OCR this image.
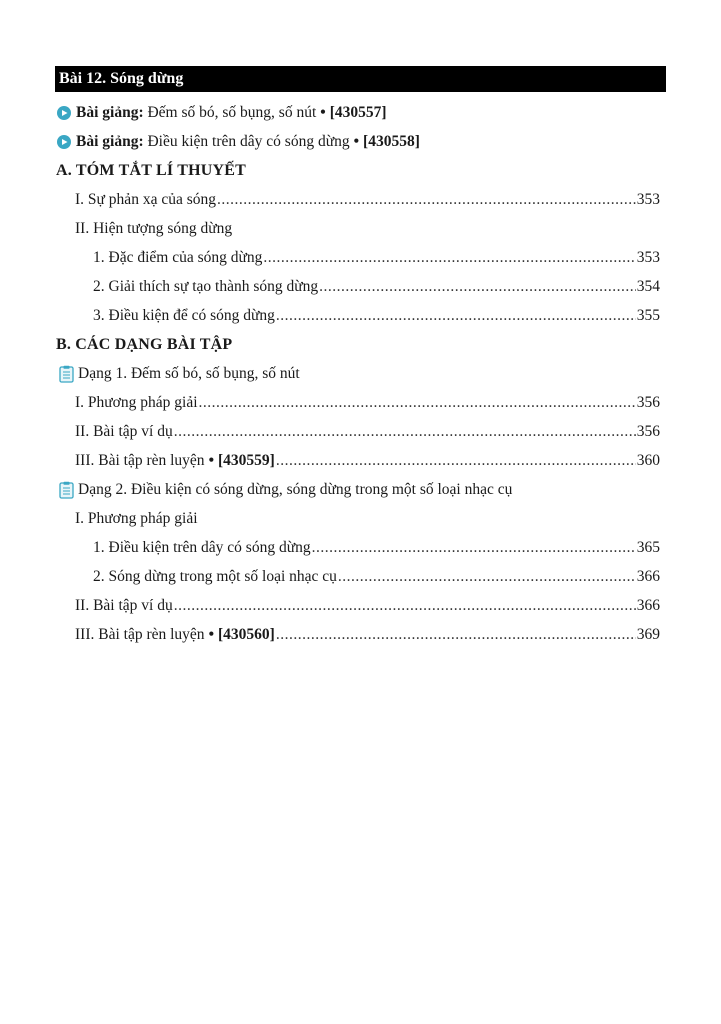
Bài 12. Sóng dừng
Bài giảng:
Đếm số bó, số bụng, số nút • [430557]
Bài giảng:
Điều kiện trên dây có sóng dừng • [430558]
A. TÓM TẮT LÍ THUYẾT
I. Sự phản xạ của sóng .....	353
II. Hiện tượng sóng dừng
1. Đặc điểm của sóng dừng .....	353
2. Giải thích sự tạo thành sóng dừng .....	354
3. Điều kiện để có sóng dừng .....	355
B. CÁC DẠNG BÀI TẬP
Dạng 1. Đếm số bó, số bụng, số nút
I. Phương pháp giải .....	356
II. Bài tập ví dụ .....	356
III. Bài tập rèn luyện • [430559] .....	360
Dạng 2. Điều kiện có sóng dừng, sóng dừng trong một số loại nhạc cụ
I. Phương pháp giải
1. Điều kiện trên dây có sóng dừng .....	365
2. Sóng dừng trong một số loại nhạc cụ .....	366
II. Bài tập ví dụ .....	366
III. Bài tập rèn luyện • [430560] .....	369
